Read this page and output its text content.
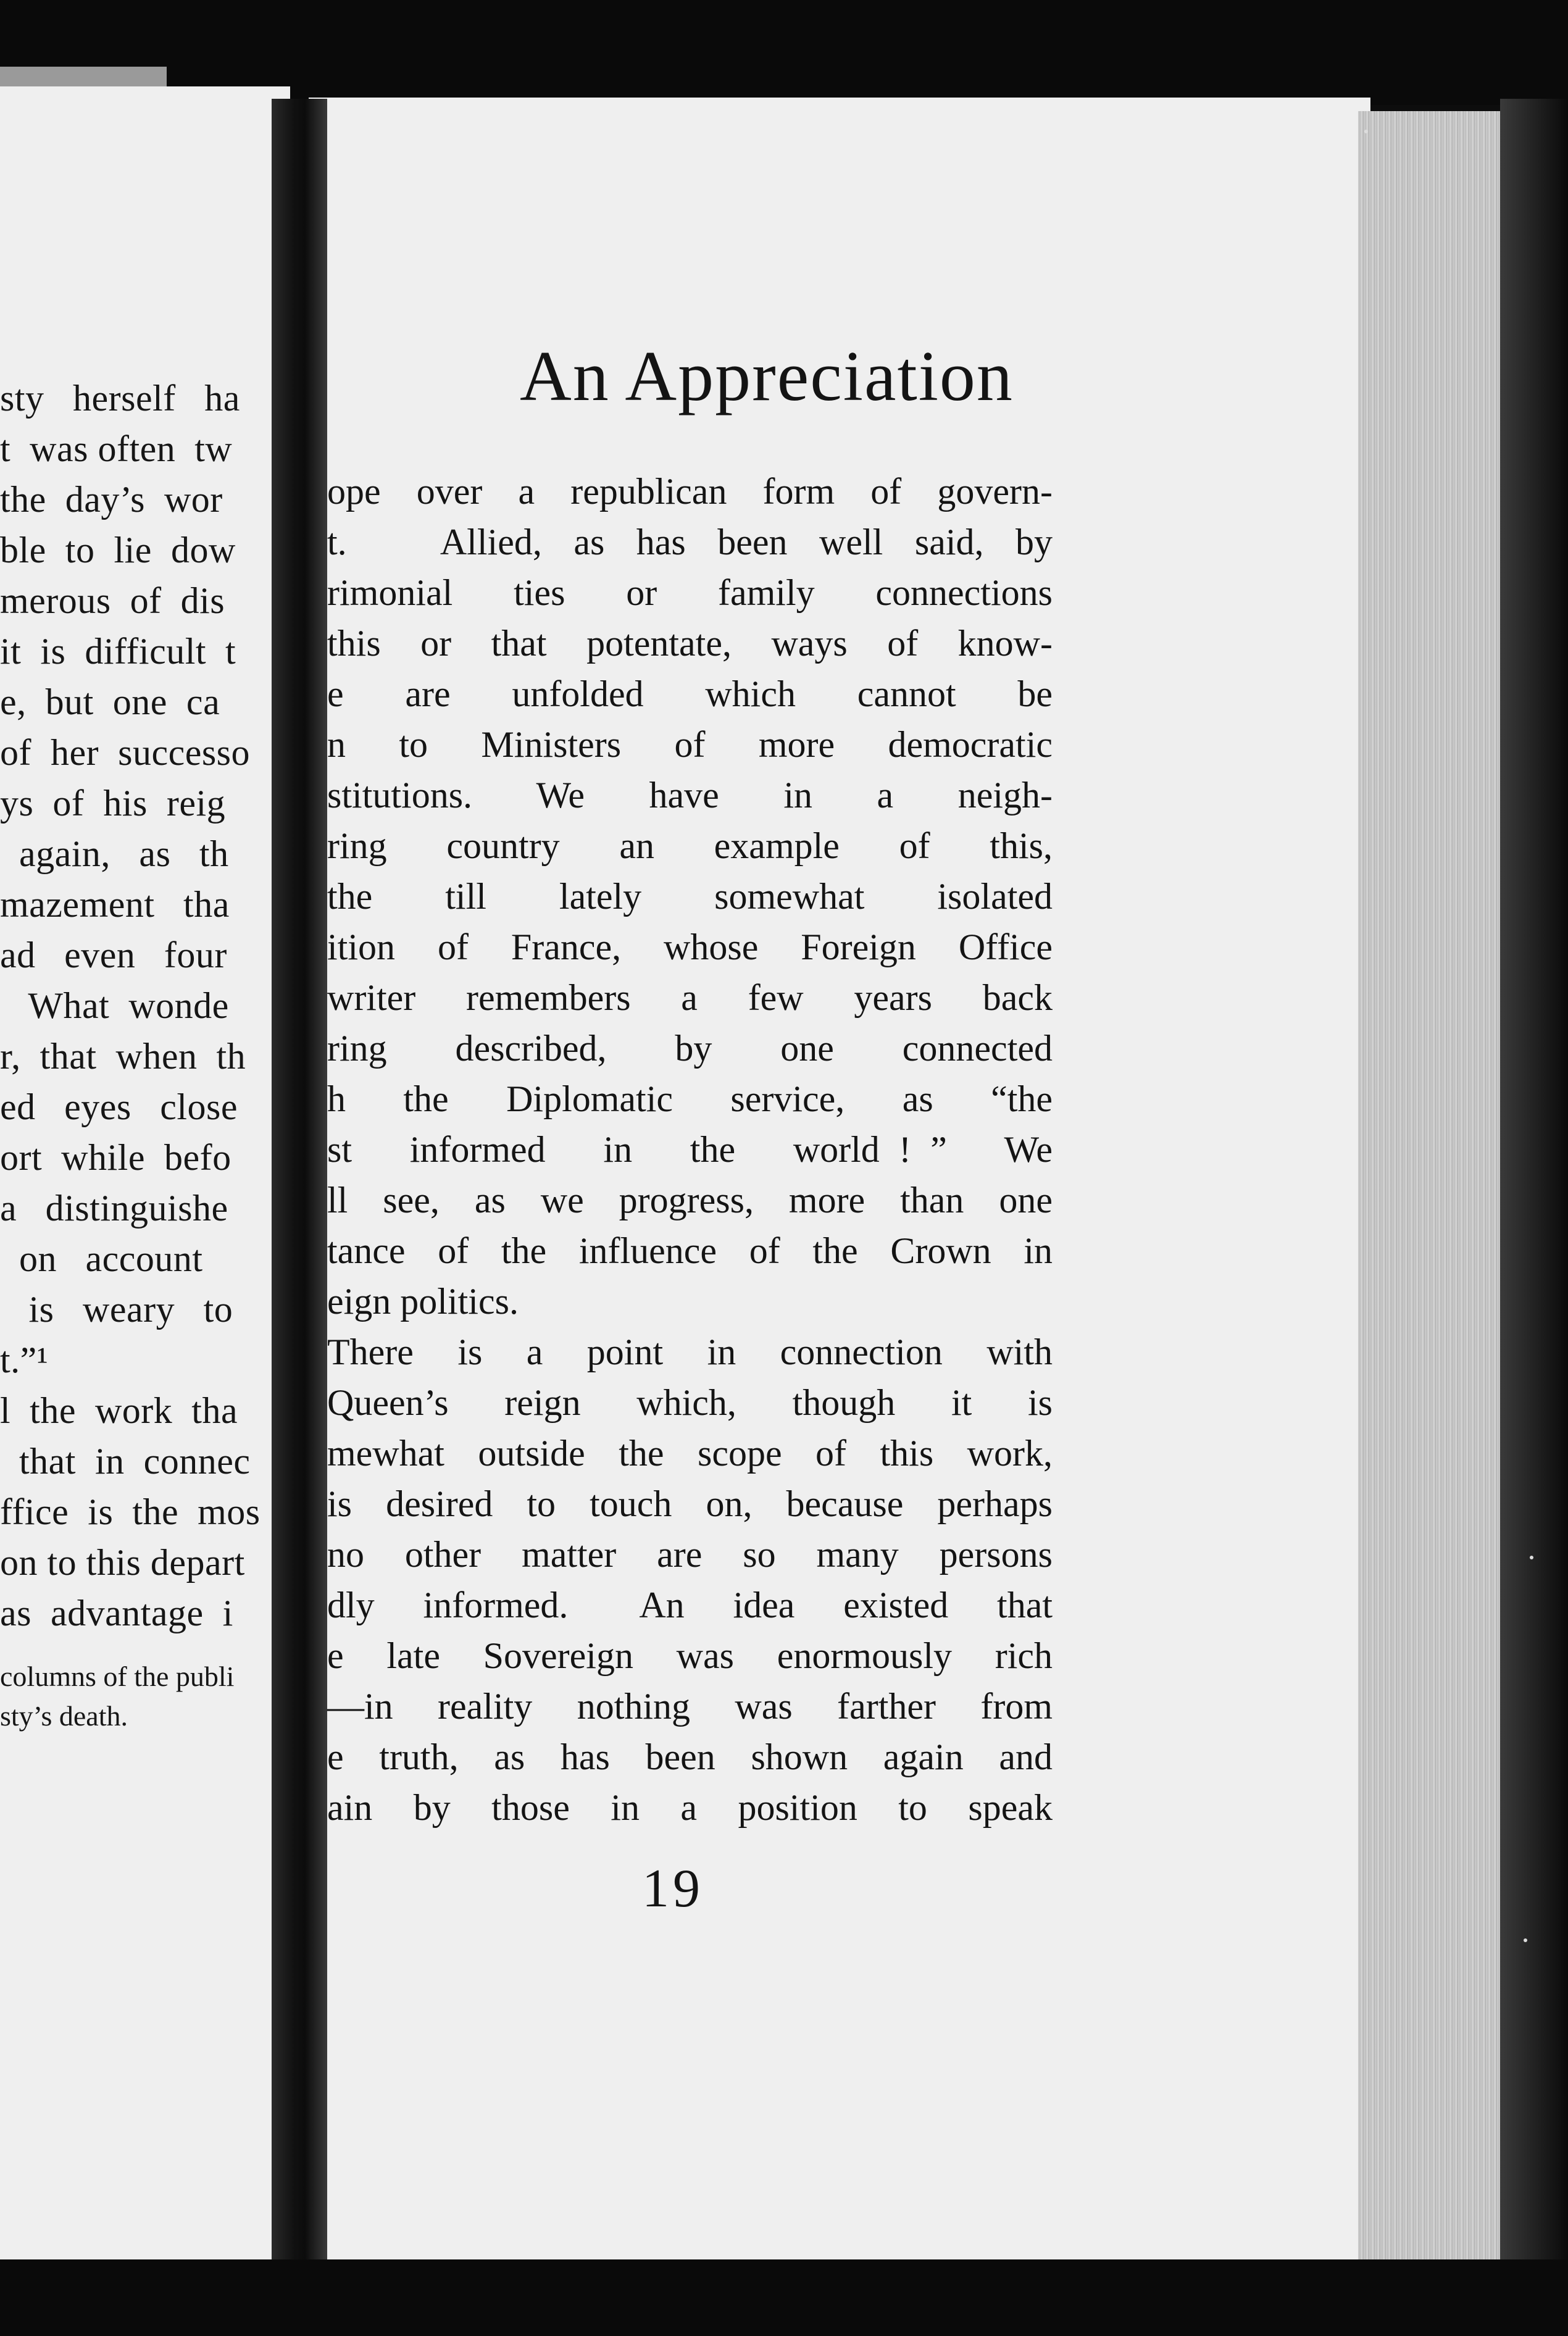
sty   herself   ha
t  was often  tw
the  day’s  wor
ble  to  lie  dow
merous  of  dis
it  is  difficult  t
e,  but  one  ca
of  her  successo
ys  of  his  reig
again,   as   th
mazement   tha
ad   even   four
What  wonde
r,  that  when  th
ed   eyes   close
ort  while  befo
a   distinguishe
on   account
is   weary   to
t.”¹
l  the  work  tha
that  in  connec
ffice  is  the  mos
on to this depart
as  advantage  i
columns of the publi
sty’s death.
An Appreciation
ope over a republican form of govern-
t.   Allied, as has been well said, by
rimonial ties or family connections
this or that potentate, ways of know-
e  are  unfolded  which  cannot  be
n  to  Ministers  of  more  democratic
stitutions.   We   have   in   a   neigh-
ring  country  an  example  of  this,
the  till  lately  somewhat  isolated
ition of France, whose Foreign Office
writer remembers a few years back
ring  described,  by  one  connected
h  the  Diplomatic  service,  as  “the
st   informed   in   the   world ! ”   We
ll see, as we progress, more than one
tance of the influence of the Crown in
eign politics.
There  is  a  point  in  connection  with
Queen’s  reign  which,  though  it  is
mewhat outside the scope of this work,
is desired to touch on, because perhaps
no other matter are so many persons
dly  informed.   An  idea  existed  that
e  late  Sovereign  was  enormously  rich
—in  reality  nothing  was  farther  from
e  truth,  as  has  been  shown  again  and
ain  by  those  in  a  position  to  speak
19
